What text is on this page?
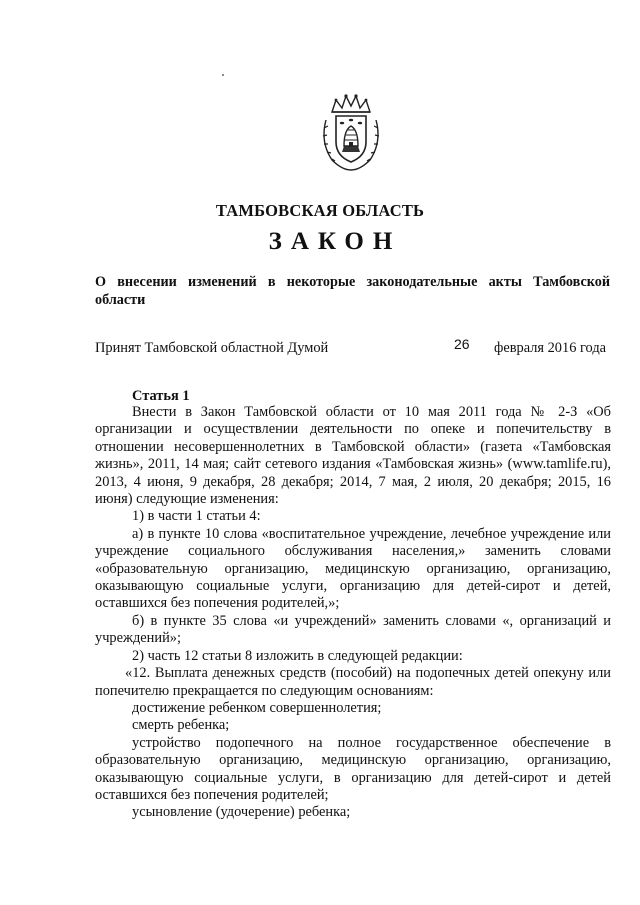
ТАМБОВСКАЯ ОБЛАСТЬ
ЗАКОН
О внесении изменений в некоторые законодательные акты Тамбовской области
Принят Тамбовской областной Думой	26 февраля 2016 года
Статья 1

Внести в Закон Тамбовской области от 10 мая 2011 года № 2-З «Об организации и осуществлении деятельности по опеке и попечительству в отношении несовершеннолетних в Тамбовской области» (газета «Тамбовская жизнь», 2011, 14 мая; сайт сетевого издания «Тамбовская жизнь» (www.tamlife.ru), 2013, 4 июня, 9 декабря, 28 декабря; 2014, 7 мая, 2 июля, 20 декабря; 2015, 16 июня) следующие изменения:

1) в части 1 статьи 4:

а) в пункте 10 слова «воспитательное учреждение, лечебное учреждение или учреждение социального обслуживания населения,» заменить словами «образовательную организацию, медицинскую организацию, организацию, оказывающую социальные услуги, организацию для детей-сирот и детей, оставшихся без попечения родителей,»;

б) в пункте 35 слова «и учреждений» заменить словами «, организаций и учреждений»;

2) часть 12 статьи 8 изложить в следующей редакции:

«12. Выплата денежных средств (пособий) на подопечных детей опекуну или попечителю прекращается по следующим основаниям:

достижение ребенком совершеннолетия;

смерть ребенка;

устройство подопечного на полное государственное обеспечение в образовательную организацию, медицинскую организацию, организацию, оказывающую социальные услуги, в организацию для детей-сирот и детей оставшихся без попечения родителей;

усыновление (удочерение) ребенка;
